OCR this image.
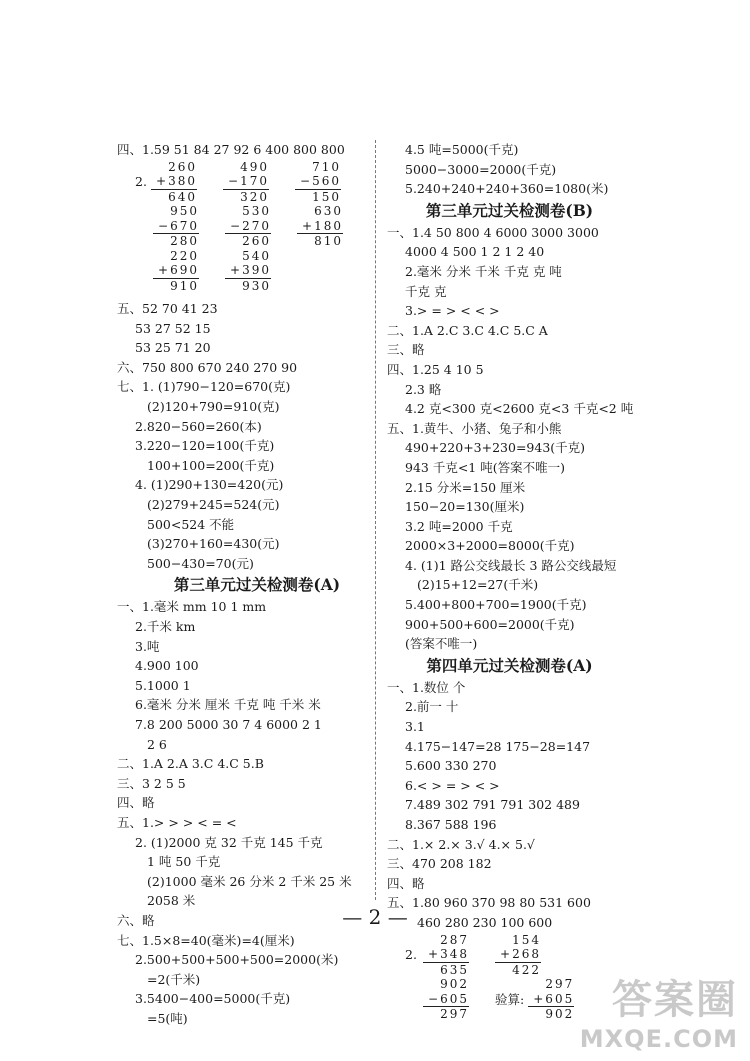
四、1.59 51 84 27 92 6 400 800 800
2.
260
+380
640
490
−170
320
710
−560
150
950
−670
280
530
−270
260
630
+180
810
220
+690
910
540
+390
930
五、52 70 41 23
53 27 52 15
53 25 71 20
六、750 800 670 240 270 90
七、1. (1)790−120=670(克)
(2)120+790=910(克)
2.820−560=260(本)
3.220−120=100(千克)
100+100=200(千克)
4. (1)290+130=420(元)
(2)279+245=524(元)
500<524 不能
(3)270+160=430(元)
500−430=70(元)
第三单元过关检测卷(A)
一、1.毫米 mm 10 1 mm
2.千米 km
3.吨
4.900 100
5.1000 1
6.毫米 分米 厘米 千克 吨 千米 米
7.8 200 5000 30 7 4 6000 2 1
2 6
二、1.A 2.A 3.C 4.C 5.B
三、3 2 5 5
四、略
五、1.> > > < = <
2. (1)2000 克 32 千克 145 千克
1 吨 50 千克
(2)1000 毫米 26 分米 2 千米 25 米
2058 米
六、略
七、1.5×8=40(毫米)=4(厘米)
2.500+500+500+500=2000(米)
=2(千米)
3.5400−400=5000(千克)
=5(吨)
4.5 吨=5000(千克)
5000−3000=2000(千克)
5.240+240+240+360=1080(米)
第三单元过关检测卷(B)
一、1.4 50 800 4 6000 3000 3000
4000 4 500 1 2 1 2 40
2.毫米 分米 千米 千克 克 吨
千克 克
3.> = > < < >
二、1.A 2.C 3.C 4.C 5.C A
三、略
四、1.25 4 10 5
2.3 略
4.2 克<300 克<2600 克<3 千克<2 吨
五、1.黄牛、小猪、兔子和小熊
490+220+3+230=943(千克)
943 千克<1 吨(答案不唯一)
2.15 分米=150 厘米
150−20=130(厘米)
3.2 吨=2000 千克
2000×3+2000=8000(千克)
4. (1)1 路公交线最长 3 路公交线最短
(2)15+12=27(千米)
5.400+800+700=1900(千克)
900+500+600=2000(千克)
(答案不唯一)
第四单元过关检测卷(A)
一、1.数位 个
2.前一 十
3.1
4.175−147=28 175−28=147
5.600 330 270
6.< > = > < >
7.489 302 791 791 302 489
8.367 588 196
二、1.× 2.× 3.√ 4.× 5.√
三、470 208 182
四、略
五、1.80 960 370 98 80 531 600
460 280 230 100 600
2.
287
+348
635
154
+268
422
902
−605
297
验算:
297
+605
902
— 2 —
答案圈
MXQE.COM
